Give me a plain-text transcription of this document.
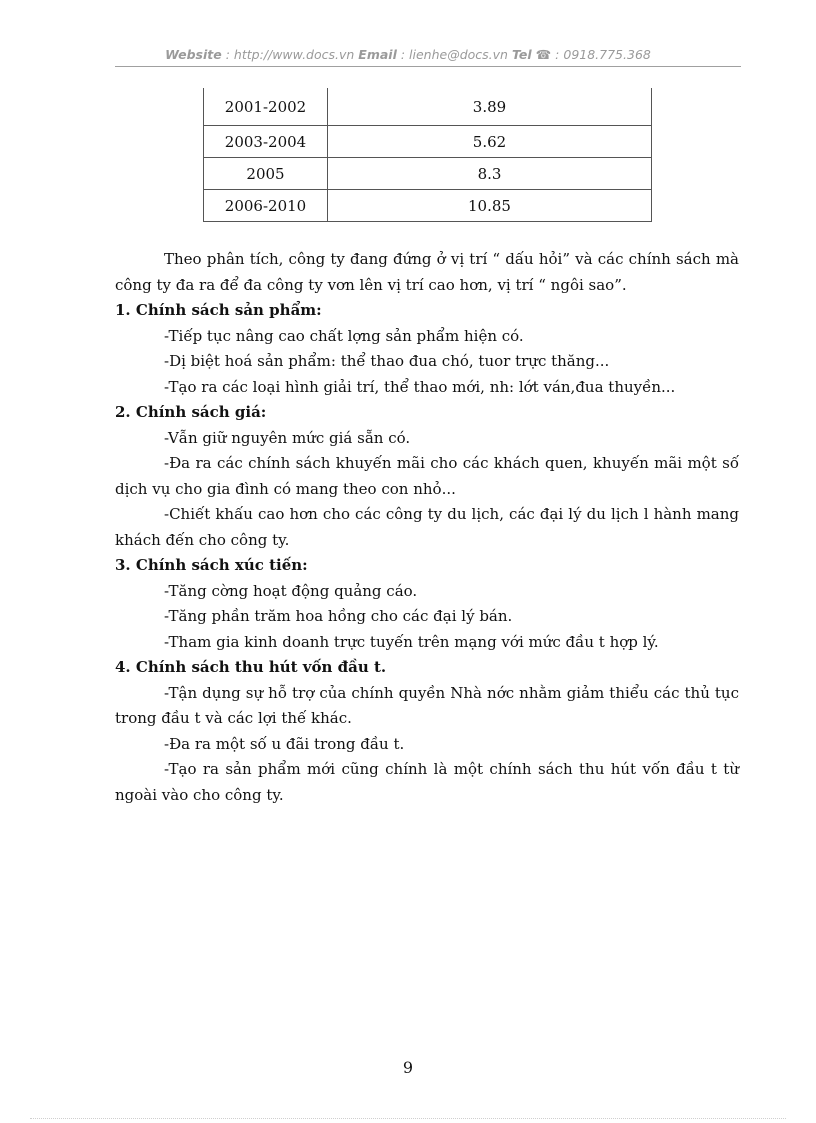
Website : http://www.docs.vn Email : lienhe@docs.vn Tel ☎ : 0918.775.368
2001-2002	3.89
2003-2004	5.62
2005	8.3
2006-2010	10.85

Theo phân tích, công ty đang đứng ở vị trí “ dấu hỏi” và các chính sách mà công ty đa ra để đa công ty vơn lên vị trí cao hơn, vị trí “ ngôi sao”.

1. Chính sách sản phẩm:

-Tiếp tục nâng cao chất lợng sản phẩm hiện có.

-Dị biệt hoá sản phẩm: thể thao đua chó, tuor trực thăng...

-Tạo ra các loại hình giải trí, thể thao mới, nh: lớt ván,đua thuyền...

2. Chính sách giá:

-Vẫn giữ nguyên mức giá sẵn có.

-Đa ra các chính sách khuyến mãi cho các khách quen, khuyến mãi một số dịch vụ cho gia đình có mang theo con nhỏ...

-Chiết khấu cao hơn cho các công ty du lịch, các đại lý du lịch l hành mang khách đến cho công ty.

3. Chính sách xúc tiến:

-Tăng cờng hoạt động quảng cáo.

-Tăng phần trăm hoa hồng cho các đại lý bán.

-Tham gia kinh doanh trực tuyến trên mạng với mức đầu t hợp lý.

4. Chính sách thu hút vốn đầu t.

-Tận dụng sự hỗ trợ của chính quyền Nhà nớc nhằm giảm thiểu các thủ tục trong đầu t và các lợi thế khác.

-Đa ra một số u đãi trong đầu t.

-Tạo ra sản phẩm mới cũng chính là một chính sách thu hút vốn đầu t từ ngoài vào cho công ty.

9
